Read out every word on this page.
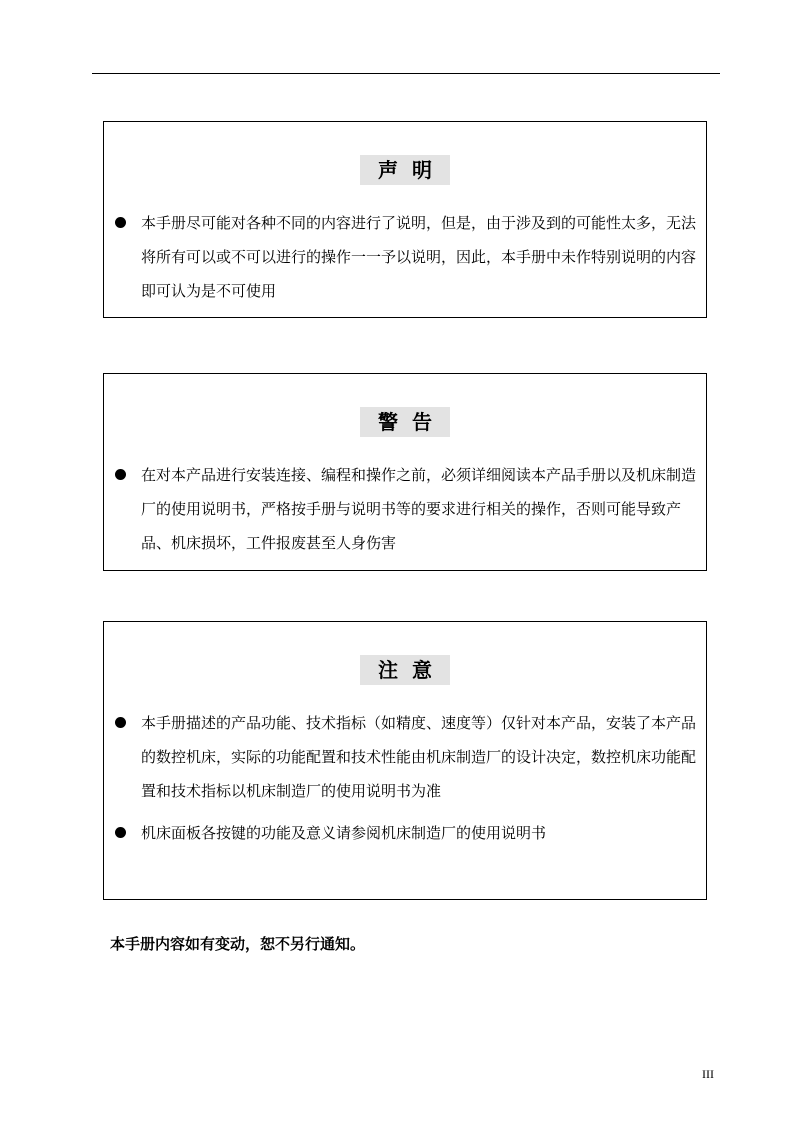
声明
本手册尽可能对各种不同的内容进行了说明，但是，由于涉及到的可能性太多，无法将所有可以或不可以进行的操作一一予以说明，因此，本手册中未作特别说明的内容即可认为是不可使用
警告
在对本产品进行安装连接、编程和操作之前，必须详细阅读本产品手册以及机床制造厂的使用说明书，严格按手册与说明书等的要求进行相关的操作，否则可能导致产品、机床损坏，工件报废甚至人身伤害
注意
本手册描述的产品功能、技术指标（如精度、速度等）仅针对本产品，安装了本产品的数控机床，实际的功能配置和技术性能由机床制造厂的设计决定，数控机床功能配置和技术指标以机床制造厂的使用说明书为准
机床面板各按键的功能及意义请参阅机床制造厂的使用说明书
本手册内容如有变动，恕不另行通知。
III
